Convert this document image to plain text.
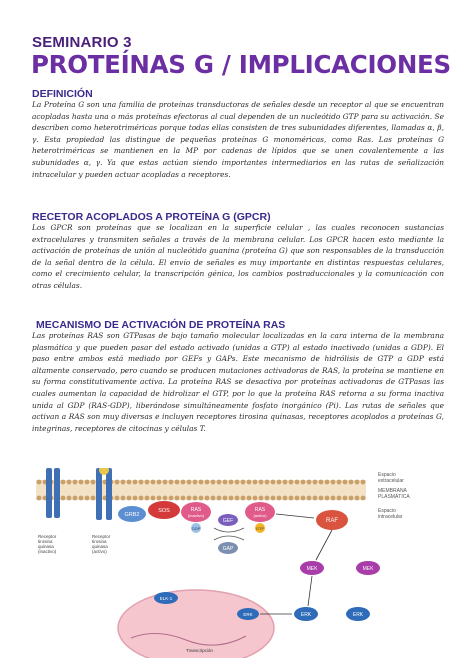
SEMINARIO 3
PROTEÍNAS G / IMPLICACIONES
DEFINICIÓN
La Proteína G son una familia de proteínas transductoras de señales desde un receptor al que se encuentran acopladas hasta una o más proteínas efectoras al cual dependen de un nucleótido GTP para su activación. Se describen como heterotriméricas porque todas ellas consisten de tres subunidades diferentes, llamadas α, β, γ. Esta propiedad las distingue de pequeñas proteínas G monoméricas, como Ras. Las proteínas G heterotriméricas se mantienen en la MP por cadenas de lípidos que se unen covalentemente a las subunidades α, γ. Ya que estas actúan siendo importantes intermediarios en las rutas de señalización intracelular y pueden actuar acopladas a receptores.
RECETOR ACOPLADOS A PROTEÍNA G (GPCR)
Los GPCR son proteínas que se localizan en la superficie celular , las cuales reconocen sustancias extracelulares y transmiten señales a través de la membrana celular. Los GPCR hacen esto mediante la activación de proteínas de unión al nucleótido guanina (proteína G) que son responsables de la transducción de la señal dentro de la célula. El envío de señales es muy importante en distintas respuestas celulares, como el crecimiento celular, la transcripción génica, los cambios postraduccionales y la comunicación con otras células.
MECANISMO DE ACTIVACIÓN DE PROTEÍNA RAS
Las proteínas RAS son GTPasas de bajo tamaño molecular localizadas en la cara interna de la membrana plasmática y que pueden pasar del estado activado (unidas a GTP) al estado inactivado (unidas a GDP). El paso entre ambos está mediado por GEFs y GAPs. Este mecanismo de hidrólisis de GTP a GDP está altamente conservado, pero cuando se producen mutaciones activadoras de RAS, la proteína se mantiene en su forma constitutivamente activa. La proteína RAS se desactiva por proteínas activadoras de GTPasas las cuales aumentan la capacidad de hidrolizar el GTP, por lo que la proteína RAS retorna a su forma inactiva unida al GDP (RAS-GDP), liberándose simultáneamente fosfato inorgánico (Pi). Las rutas de señales que activan a RAS son muy diversas e incluyen receptores tirosina quinasas, receptores acoplados a proteínas G, integrinas, receptores de citocinas y células T.
GRB2
SOS	RAS
(inactivo)
GDP
GEF
GAP
RAS
(activo)
GTP
RAF
MEK	MEK
ERK	ERK
ELK-1
ERK
Transcripción
Espacio extracelular
MEMBRANA PLASMÁTICA
Espacio intracelular
Receptor tirosina quinasa (inactivo)
Receptor tirosina quinasa (activo)
